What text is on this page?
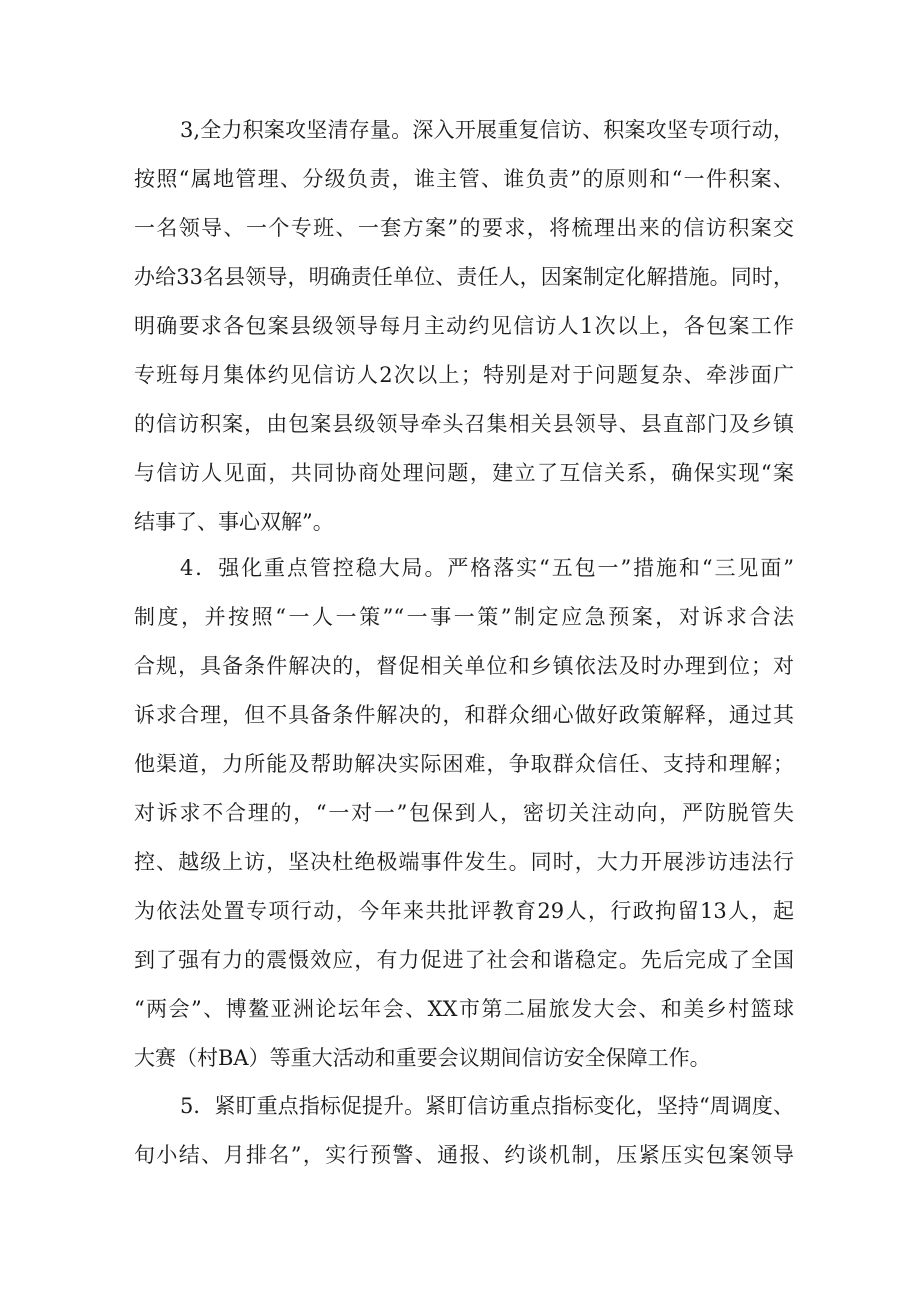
3,全力积案攻坚清存量。深入开展重复信访、积案攻坚专项行动，
按照“属地管理、分级负责，谁主管、谁负责”的原则和“一件积案、
一名领导、一个专班、一套方案”的要求，将梳理出来的信访积案交
办给33名县领导，明确责任单位、责任人，因案制定化解措施。同时，
明确要求各包案县级领导每月主动约见信访人1次以上，各包案工作
专班每月集体约见信访人2次以上；特别是对于问题复杂、牵涉面广
的信访积案，由包案县级领导牵头召集相关县领导、县直部门及乡镇
与信访人见面，共同协商处理问题，建立了互信关系，确保实现“案
结事了、事心双解”。
4．强化重点管控稳大局。严格落实“五包一”措施和“三见面”
制度，并按照“一人一策”“一事一策”制定应急预案，对诉求合法
合规，具备条件解决的，督促相关单位和乡镇依法及时办理到位；对
诉求合理，但不具备条件解决的，和群众细心做好政策解释，通过其
他渠道，力所能及帮助解决实际困难，争取群众信任、支持和理解；
对诉求不合理的，“一对一”包保到人，密切关注动向，严防脱管失
控、越级上访，坚决杜绝极端事件发生。同时，大力开展涉访违法行
为依法处置专项行动，今年来共批评教育29人，行政拘留13人，起
到了强有力的震慑效应，有力促进了社会和谐稳定。先后完成了全国
“两会”、博鳌亚洲论坛年会、XX市第二届旅发大会、和美乡村篮球
大赛（村BA）等重大活动和重要会议期间信访安全保障工作。
5．紧盯重点指标促提升。紧盯信访重点指标变化，坚持“周调度、
旬小结、月排名”，实行预警、通报、约谈机制，压紧压实包案领导
